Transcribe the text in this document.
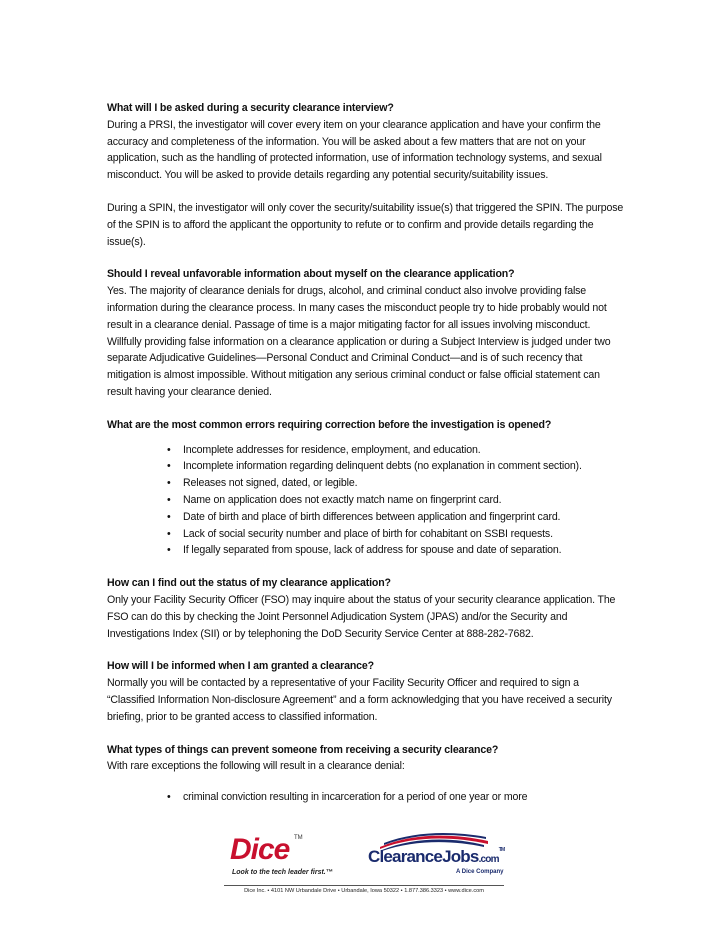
What will I be asked during a security clearance interview?
During a PRSI, the investigator will cover every item on your clearance application and have your confirm the accuracy and completeness of the information. You will be asked about a few matters that are not on your application, such as the handling of protected information, use of information technology systems, and sexual misconduct. You will be asked to provide details regarding any potential security/suitability issues.
During a SPIN, the investigator will only cover the security/suitability issue(s) that triggered the SPIN. The purpose of the SPIN is to afford the applicant the opportunity to refute or to confirm and provide details regarding the issue(s).
Should I reveal unfavorable information about myself on the clearance application?
Yes. The majority of clearance denials for drugs, alcohol, and criminal conduct also involve providing false information during the clearance process. In many cases the misconduct people try to hide probably would not result in a clearance denial. Passage of time is a major mitigating factor for all issues involving misconduct. Willfully providing false information on a clearance application or during a Subject Interview is judged under two separate Adjudicative Guidelines—Personal Conduct and Criminal Conduct—and is of such recency that mitigation is almost impossible. Without mitigation any serious criminal conduct or false official statement can result having your clearance denied.
What are the most common errors requiring correction before the investigation is opened?
• Incomplete addresses for residence, employment, and education.
• Incomplete information regarding delinquent debts (no explanation in comment section).
• Releases not signed, dated, or legible.
• Name on application does not exactly match name on fingerprint card.
• Date of birth and place of birth differences between application and fingerprint card.
• Lack of social security number and place of birth for cohabitant on SSBI requests.
• If legally separated from spouse, lack of address for spouse and date of separation.
How can I find out the status of my clearance application?
Only your Facility Security Officer (FSO) may inquire about the status of your security clearance application. The FSO can do this by checking the Joint Personnel Adjudication System (JPAS) and/or the Security and Investigations Index (SII) or by telephoning the DoD Security Service Center at 888-282-7682.
How will I be informed when I am granted a clearance?
Normally you will be contacted by a representative of your Facility Security Officer and required to sign a “Classified Information Non-disclosure Agreement” and a form acknowledging that you have received a security briefing, prior to be granted access to classified information.
What types of things can prevent someone from receiving a security clearance?
With rare exceptions the following will result in a clearance denial:
• criminal conviction resulting in incarceration for a period of one year or more
Dice TM
Look to the tech leader first.™
ClearanceJobs.com™
A Dice Company
Dice Inc. • 4101 NW Urbandale Drive • Urbandale, Iowa 50322 • 1.877.386.3323 • www.dice.com
